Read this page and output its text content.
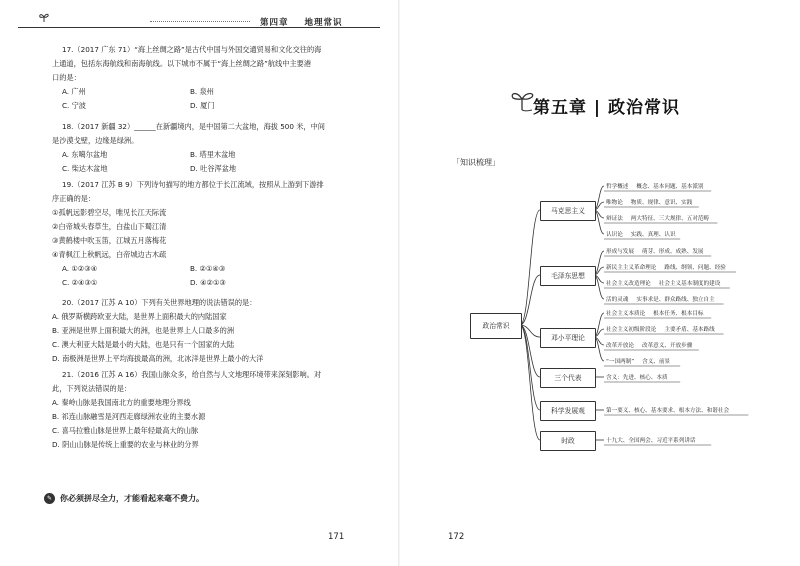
第四章 地理常识
17.（2017 广东 71）“海上丝绸之路”是古代中国与外国交通贸易和文化交往的海
上通道，包括东海航线和南海航线。以下城市不属于“海上丝绸之路”航线中主要港
口的是：
A. 广州	B. 泉州
C. 宁波	D. 厦门
18.（2017 新疆 32）______在新疆境内，是中国第二大盆地，海拔 500 米，中间
是沙漠戈壁，边缘是绿洲。
A. 东噶尔盆地	B. 塔里木盆地
C. 柴达木盆地	D. 吐谷浑盆地
19.（2017 江苏 B 9）下列诗句描写的地方都位于长江流域，按照从上游到下游排
序正确的是：
①孤帆远影碧空尽，唯见长江天际流
②白帝城头春草生，白盐山下蜀江清
③黄鹤楼中吹玉笛，江城五月落梅花
④青枫江上秋帆远，白帝城边古木疏
A. ①②③④	B. ②①④③
C. ②④③①	D. ④②①③
20.（2017 江苏 A 10）下列有关世界地理的说法错误的是：
A. 俄罗斯横跨欧亚大陆，是世界上面积最大的内陆国家
B. 亚洲是世界上面积最大的洲，也是世界上人口最多的洲
C. 澳大利亚大陆是最小的大陆，也是只有一个国家的大陆
D. 南极洲是世界上平均海拔最高的洲，北冰洋是世界上最小的大洋
21.（2016 江苏 A 16）我国山脉众多，给自然与人文地理环境带来深刻影响。对
此，下列说法错误的是：
A. 秦岭山脉是我国南北方的重要地理分界线
B. 祁连山脉融雪是河西走廊绿洲农业的主要水源
C. 喜马拉雅山脉是世界上最年轻最高大的山脉
D. 阴山山脉是传统上重要的农业与林业的分界
✎ 你必须拼尽全力，才能看起来毫不费力。
171
第五章 | 政治常识
「知识梳理」
政治常识
马克思主义
哲学概述 概念、基本问题、基本派别
唯物论 物质、规律、意识、实践
辩证法 两大特征、三大规律、五对范畴
认识论 实践、真理、认识
毛泽东思想
形成与发展 萌芽、形成、成熟、发展
新民主主义革命理论 路线、纲领、问题、经验
社会主义改造理论 社会主义基本制度的建设
活的灵魂 实事求是、群众路线、独立自主
邓小平理论
社会主义本质论 根本任务、根本目标
社会主义初级阶段论 主要矛盾、基本路线
改革开放论 改革意义、开放步骤
“一国两制” 含义、前景
三个代表	含义：先进、核心、本质
科学发展观	第一要义、核心、基本要求、根本方法、和谐社会
时政	十九大、全国两会、习近平系列讲话
172
